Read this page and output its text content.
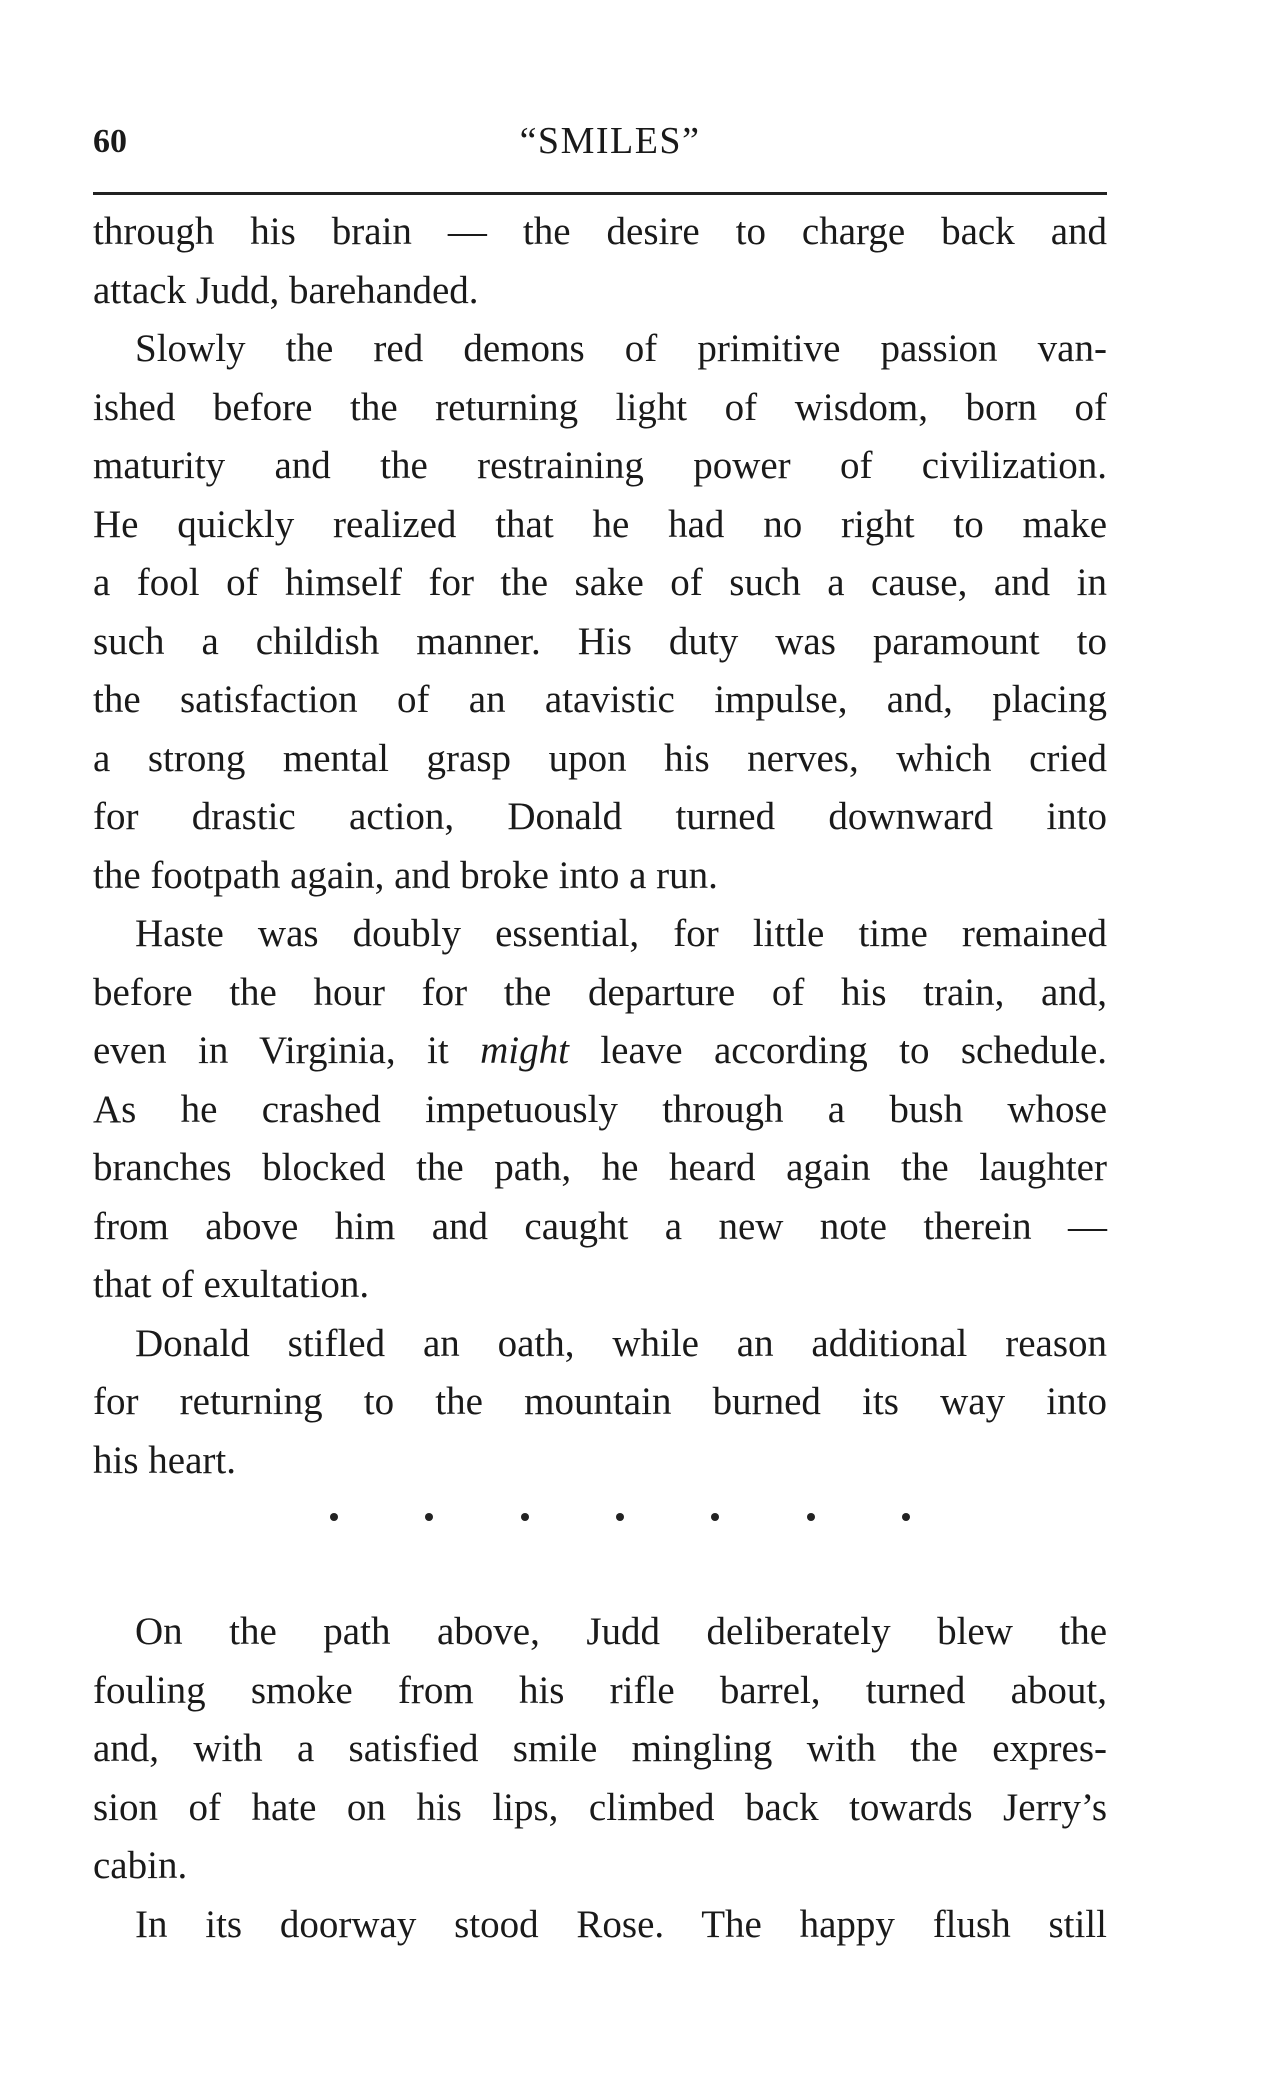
60	“SMILES”

through his brain — the desire to charge back and
attack Judd, barehanded.

Slowly the red demons of primitive passion van-
ished before the returning light of wisdom, born of
maturity and the restraining power of civilization.
He quickly realized that he had no right to make
a fool of himself for the sake of such a cause, and in
such a childish manner. His duty was paramount to
the satisfaction of an atavistic impulse, and, placing
a strong mental grasp upon his nerves, which cried
for drastic action, Donald turned downward into
the footpath again, and broke into a run.

Haste was doubly essential, for little time remained
before the hour for the departure of his train, and,
even in Virginia, it might leave according to schedule.
As he crashed impetuously through a bush whose
branches blocked the path, he heard again the laughter
from above him and caught a new note therein —
that of exultation.

Donald stifled an oath, while an additional reason
for returning to the mountain burned its way into
his heart.

On the path above, Judd deliberately blew the
fouling smoke from his rifle barrel, turned about,
and, with a satisfied smile mingling with the expres-
sion of hate on his lips, climbed back towards Jerry’s
cabin.

In its doorway stood Rose. The happy flush still
